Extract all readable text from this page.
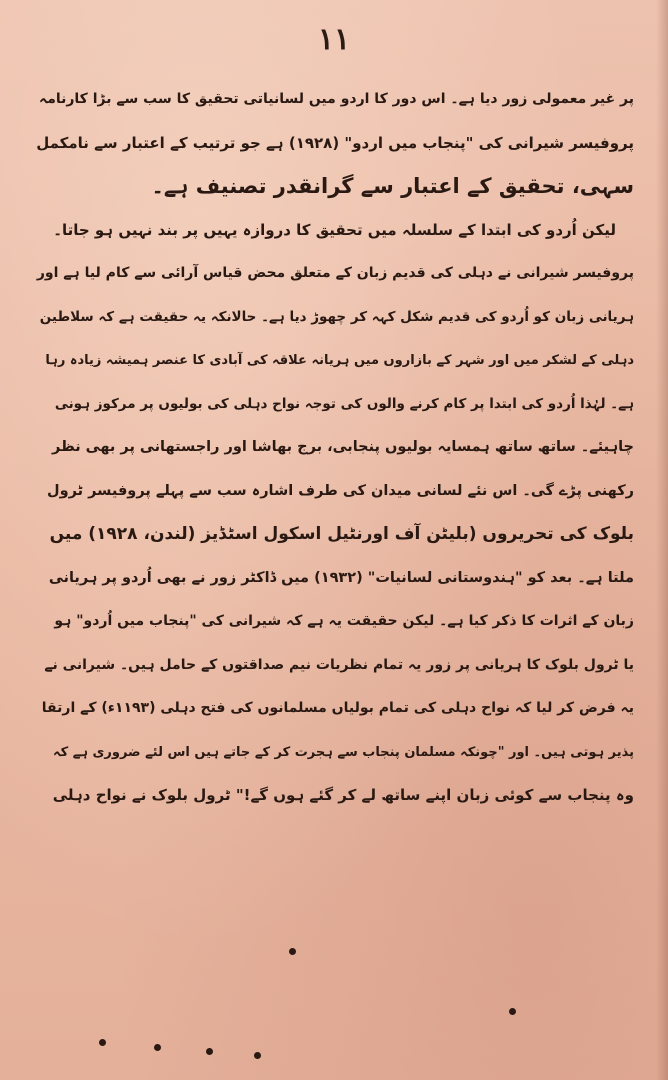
۱۱
پر غیر معمولی زور دیا ہے۔ اس دور کا اردو میں لسانیاتی تحقیق کا سب سے بڑا کارنامہ
پروفیسر شیرانی کی "پنجاب میں اردو" (۱۹۲۸) ہے جو ترتیب کے اعتبار سے نامکمل
سہی، تحقیق کے اعتبار سے گرانقدر تصنیف ہے۔
لیکن اُردو کی ابتدا کے سلسلہ میں تحقیق کا دروازہ یہیں پر بند نہیں ہو جاتا۔
پروفیسر شیرانی نے دہلی کی قدیم زبان کے متعلق محض قیاس آرائی سے کام لیا ہے اور
ہریانی زبان کو اُردو کی قدیم شکل کہہ کر چھوڑ دیا ہے۔ حالانکہ یہ حقیقت ہے کہ سلاطین
دہلی کے لشکر میں اور شہر کے بازاروں میں ہریانہ علاقہ کی آبادی کا عنصر ہمیشہ زیادہ رہا
ہے۔ لہٰذا اُردو کی ابتدا پر کام کرنے والوں کی توجہ نواح دہلی کی بولیوں پر مرکوز ہونی
چاہیئے۔ ساتھ ساتھ ہمسایہ بولیوں پنجابی، برج بھاشا اور راجستھانی پر بھی نظر
رکھنی پڑے گی۔ اس نئے لسانی میدان کی طرف اشارہ سب سے پہلے پروفیسر ٹرول
بلوک کی تحریروں (بلیٹن آف اورنٹیل اسکول اسٹڈیز (لندن، ۱۹۲۸) میں
ملتا ہے۔ بعد کو "ہندوستانی لسانیات" (۱۹۳۲) میں ڈاکٹر زور نے بھی اُردو پر ہریانی
زبان کے اثرات کا ذکر کیا ہے۔ لیکن حقیقت یہ ہے کہ شیرانی کی "پنجاب میں اُردو" ہو
یا ٹرول بلوک کا ہریانی پر زور یہ تمام نظریات نیم صداقتوں کے حامل ہیں۔ شیرانی نے
یہ فرض کر لیا کہ نواح دہلی کی تمام بولیاں مسلمانوں کی فتح دہلی (۱۱۹۳ء) کے ارتقا
پذیر ہوتی ہیں۔ اور "چونکہ مسلمان پنجاب سے ہجرت کر کے جاتے ہیں اس لئے ضروری ہے کہ
وہ پنجاب سے کوئی زبان اپنے ساتھ لے کر گئے ہوں گے!" ٹرول بلوک نے نواح دہلی
